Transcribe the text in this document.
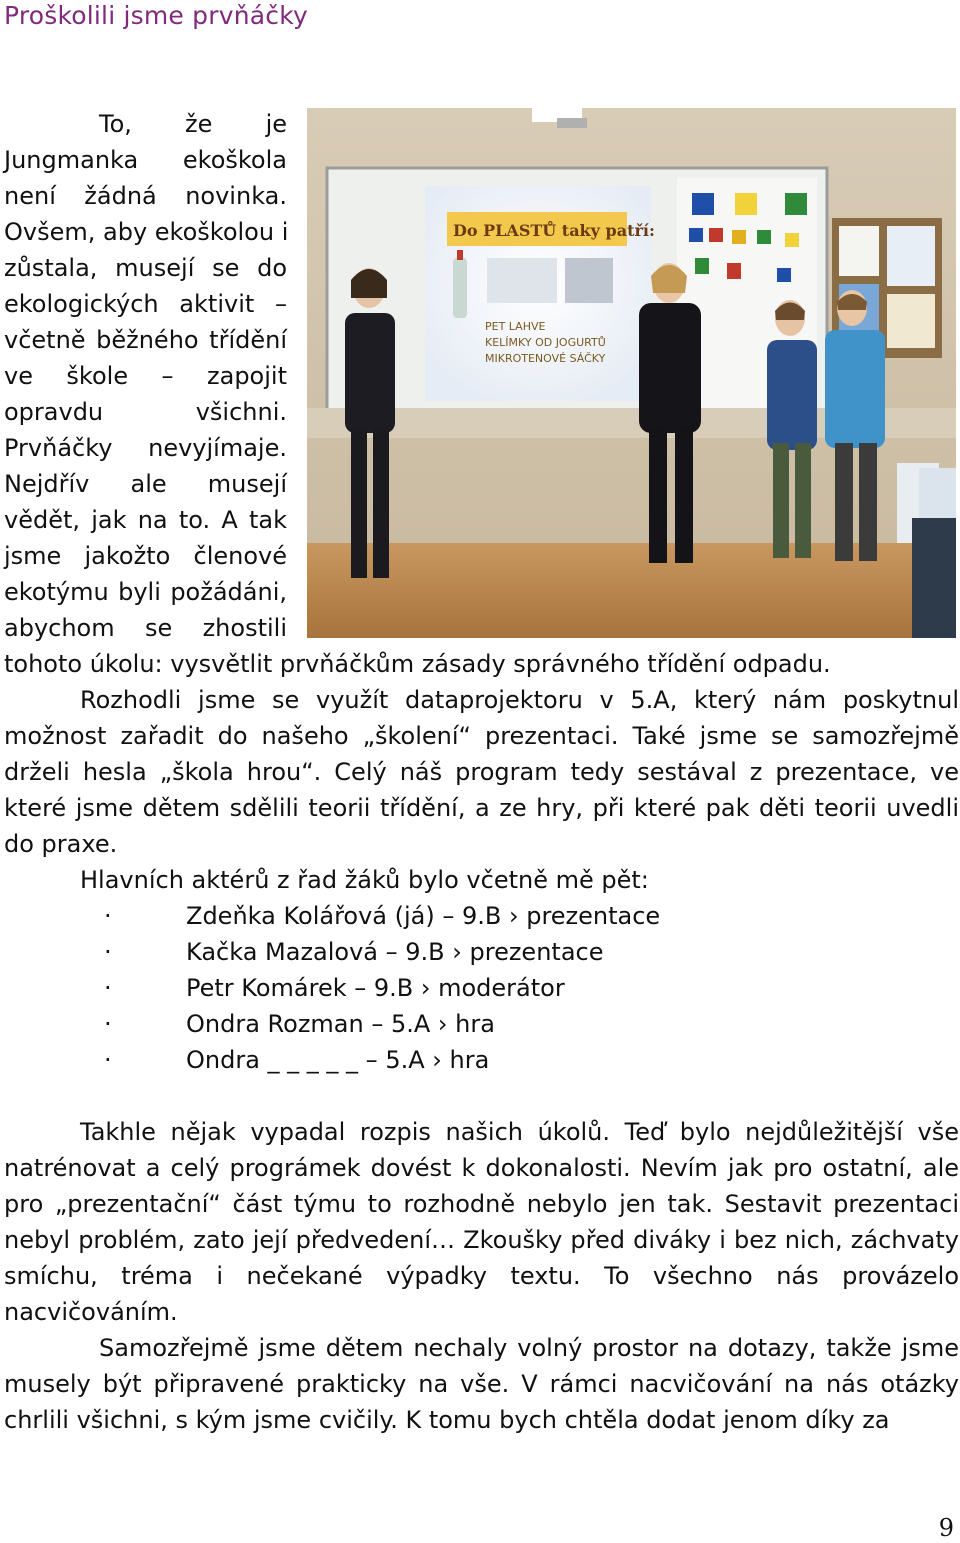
Proškolili jsme prvňáčky
Do PLASTŮ taky patří:
PET LAHVE
KELÍMKY OD JOGURTŮ
MIKROTENOVÉ SÁČKY
To, že je
Jungmanka ekoškola
není žádná novinka.
Ovšem, aby ekoškolou i
zůstala, musejí se do
ekologických aktivit –
včetně běžného třídění
ve škole – zapojit
opravdu všichni.
Prvňáčky nevyjímaje.
Nejdřív ale musejí
vědět, jak na to. A tak
jsme jakožto členové
ekotýmu byli požádáni,
abychom se zhostili

tohoto úkolu: vysvětlit prvňáčkům zásady správného třídění odpadu.

Rozhodli jsme se využít dataprojektoru v 5.A, který nám poskytnul možnost zařadit do našeho „školení“ prezentaci. Také jsme se samozřejmě drželi hesla „škola hrou“. Celý náš program tedy sestával z prezentace, ve které jsme dětem sdělili teorii třídění, a ze hry, při které pak děti teorii uvedli do praxe.

Hlavních aktérů z řad žáků bylo včetně mě pět:

·	Zdeňka Kolářová (já) – 9.B › prezentace
·	Kačka Mazalová – 9.B › prezentace
·	Petr Komárek – 9.B › moderátor
·	Ondra Rozman – 5.A › hra
·	Ondra _ _ _ _ _ – 5.A › hra

Takhle nějak vypadal rozpis našich úkolů. Teď bylo nejdůležitější vše natrénovat a celý prográmek dovést k dokonalosti. Nevím jak pro ostatní, ale pro „prezentační“ část týmu to rozhodně nebylo jen tak. Sestavit prezentaci nebyl problém, zato její předvedení… Zkoušky před diváky i bez nich, záchvaty smíchu, tréma i nečekané výpadky textu. To všechno nás provázelo nacvičováním.

Samozřejmě jsme dětem nechaly volný prostor na dotazy, takže jsme musely být připravené prakticky na vše. V rámci nacvičování na nás otázky chrlili všichni, s kým jsme cvičily. K tomu bych chtěla dodat jenom díky za

9
